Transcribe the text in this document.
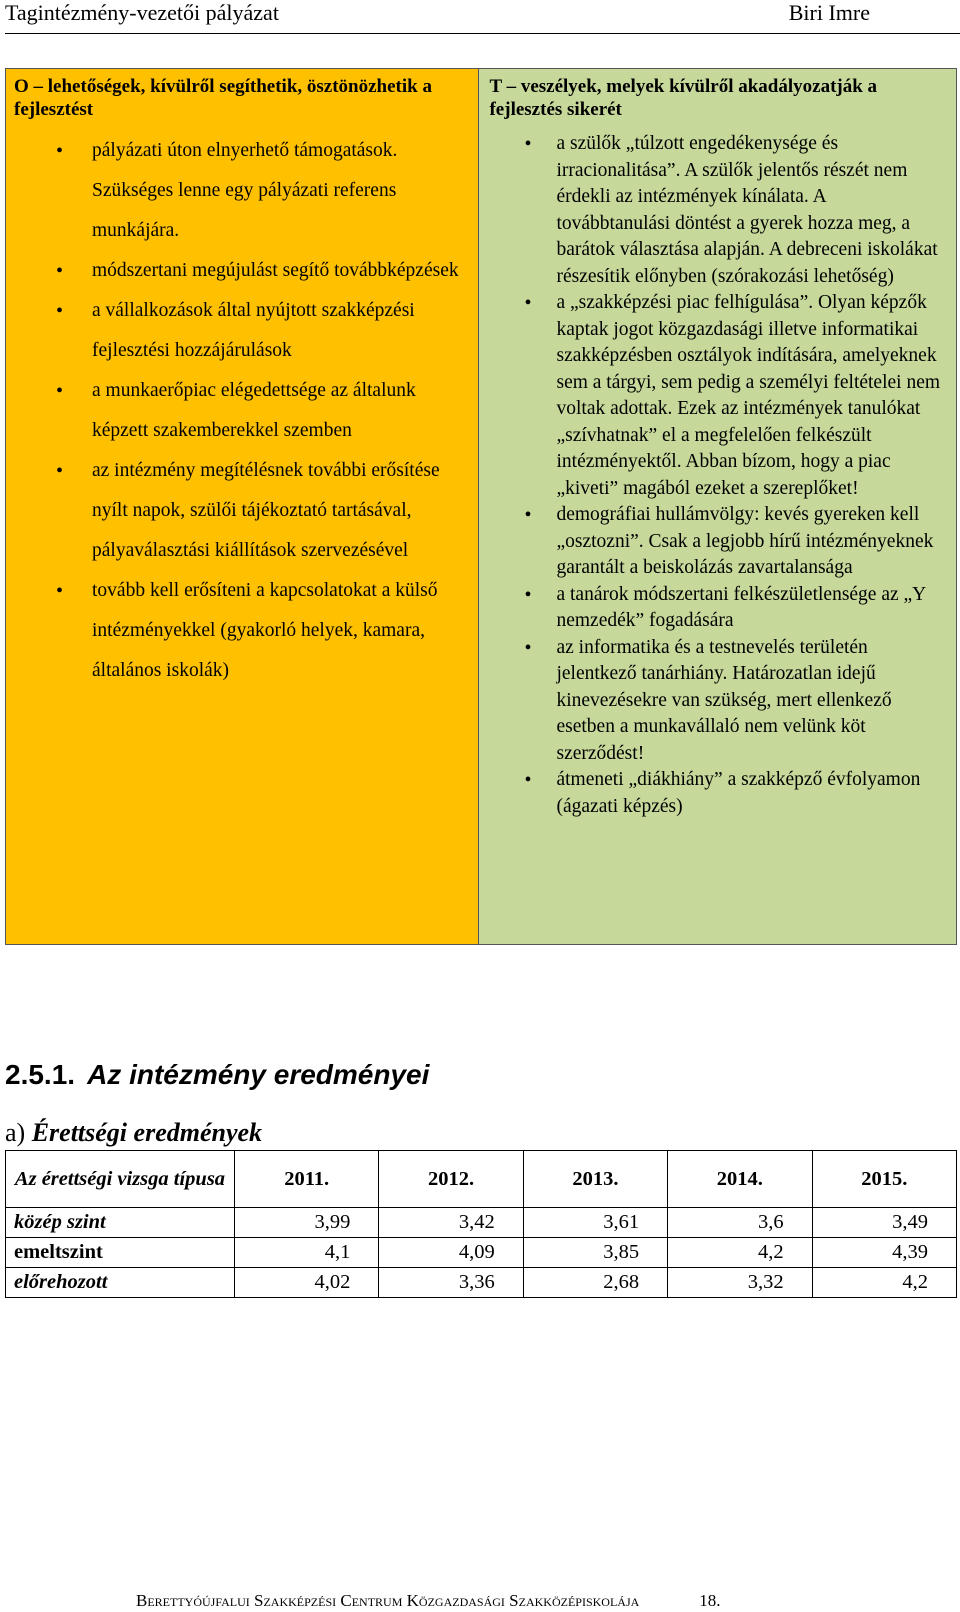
Tagintézmény-vezetői pályázat	Biri Imre
O – lehetőségek, kívülről segíthetik, ösztönözhetik a fejlesztést
• pályázati úton elnyerhető támogatások. Szükséges lenne egy pályázati referens munkájára.
• módszertani megújulást segítő továbbképzések
• a vállalkozások által nyújtott szakképzési fejlesztési hozzájárulások
• a munkaerőpiac elégedettsége az általunk képzett szakemberekkel szemben
• az intézmény megítélésnek további erősítése nyílt napok, szülői tájékoztató tartásával, pályaválasztási kiállítások szervezésével
• tovább kell erősíteni a kapcsolatokat a külső intézményekkel (gyakorló helyek, kamara, általános iskolák)

T – veszélyek, melyek kívülről akadályozatják a fejlesztés sikerét
• a szülők „túlzott engedékenysége és irracionalitása”. A szülők jelentős részét nem érdekli az intézmények kínálata. A továbbtanulási döntést a gyerek hozza meg, a barátok választása alapján. A debreceni iskolákat részesítik előnyben (szórakozási lehetőség)
• a „szakképzési piac felhígulása”. Olyan képzők kaptak jogot közgazdasági illetve informatikai szakképzésben osztályok indítására, amelyeknek sem a tárgyi, sem pedig a személyi feltételei nem voltak adottak. Ezek az intézmények tanulókat „szívhatnak” el a megfelelően felkészült intézményektől. Abban bízom, hogy a piac „kiveti” magából ezeket a szereplőket!
• demográfiai hullámvölgy: kevés gyereken kell „osztozni”. Csak a legjobb hírű intézményeknek garantált a beiskolázás zavartalansága
• a tanárok módszertani felkészületlensége az „Y nemzedék” fogadására
• az informatika és a testnevelés területén jelentkező tanárhiány. Határozatlan idejű kinevezésekre van szükség, mert ellenkező esetben a munkavállaló nem velünk köt szerződést!
• átmeneti „diákhiány” a szakképző évfolyamon (ágazati képzés)
2.5.1. Az intézmény eredményei
a) Érettségi eredmények
Az érettségi vizsga típusa	2011.	2012.	2013.	2014.	2015.
közép szint	3,99	3,42	3,61	3,6	3,49
emeltszint	4,1	4,09	3,85	4,2	4,39
előrehozott	4,02	3,36	2,68	3,32	4,2
Berettyóújfalui Szakképzési Centrum Közgazdasági Szakközépiskolája	18.
